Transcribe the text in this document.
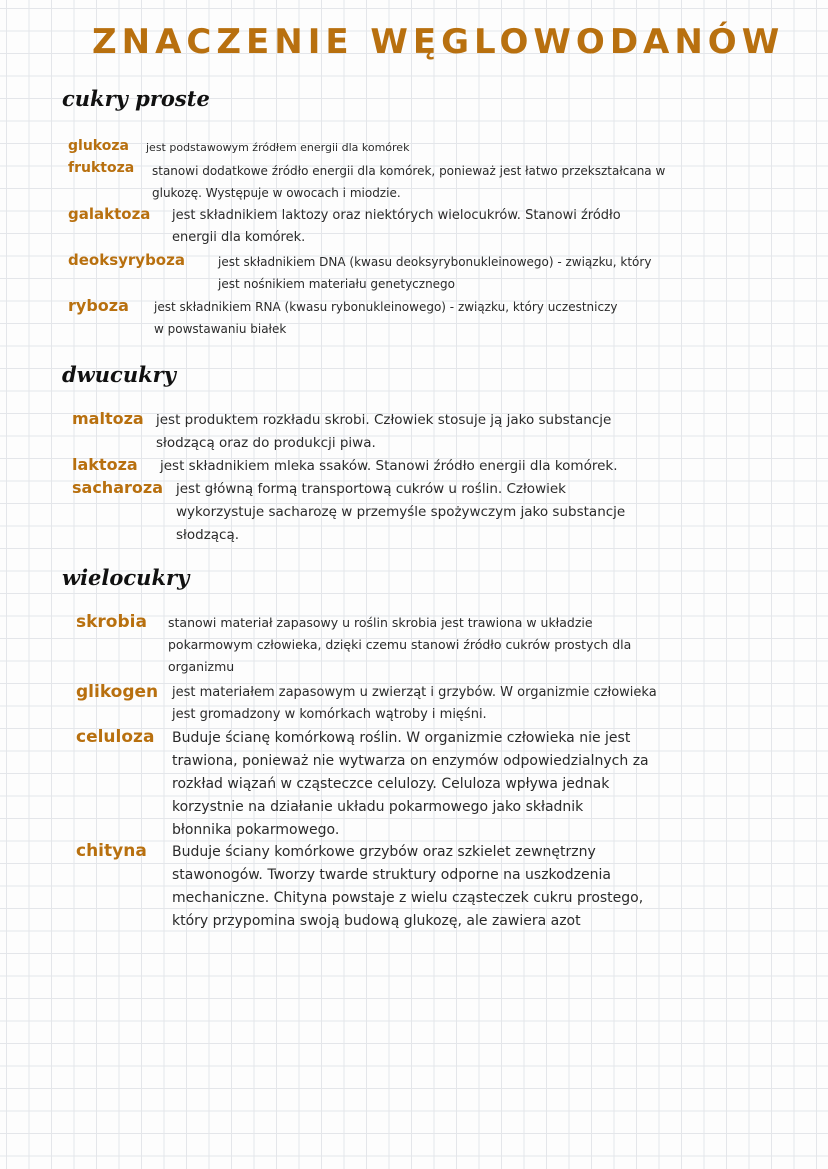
ZNACZENIE WĘGLOWODANÓW
cukry proste
glukoza	jest podstawowym źródłem energii dla komórek
fruktoza	stanowi dodatkowe źródło energii dla komórek, ponieważ jest łatwo przekształcana w
glukozę. Występuje w owocach i miodzie.
galaktoza	jest składnikiem laktozy oraz niektórych wielocukrów. Stanowi źródło
energii dla komórek.
deoksyryboza	jest składnikiem DNA (kwasu deoksyrybonukleinowego) - związku, który
jest nośnikiem materiału genetycznego
ryboza	jest składnikiem RNA (kwasu rybonukleinowego) - związku, który uczestniczy
w powstawaniu białek
dwucukry
maltoza jest produktem rozkładu skrobi. Człowiek stosuje ją jako substancje
słodzącą oraz do produkcji piwa.
laktoza	jest składnikiem mleka ssaków. Stanowi źródło energii dla komórek.
sacharoza jest główną formą transportową cukrów u roślin. Człowiek
wykorzystuje sacharozę w przemyśle spożywczym jako substancje
słodzącą.
wielocukry
skrobia	stanowi materiał zapasowy u roślin skrobia jest trawiona w układzie
pokarmowym człowieka, dzięki czemu stanowi źródło cukrów prostych dla
organizmu
glikogen	jest materiałem zapasowym u zwierząt i grzybów. W organizmie człowieka
jest gromadzony w komórkach wątroby i mięśni.
celuloza	Buduje ścianę komórkową roślin. W organizmie człowieka nie jest
trawiona, ponieważ nie wytwarza on enzymów odpowiedzialnych za
rozkład wiązań w cząsteczce celulozy. Celuloza wpływa jednak
korzystnie na działanie układu pokarmowego jako składnik
błonnika pokarmowego.
chityna	Buduje ściany komórkowe grzybów oraz szkielet zewnętrzny
stawonogów. Tworzy twarde struktury odporne na uszkodzenia
mechaniczne. Chityna powstaje z wielu cząsteczek cukru prostego,
który przypomina swoją budową glukozę, ale zawiera azot
